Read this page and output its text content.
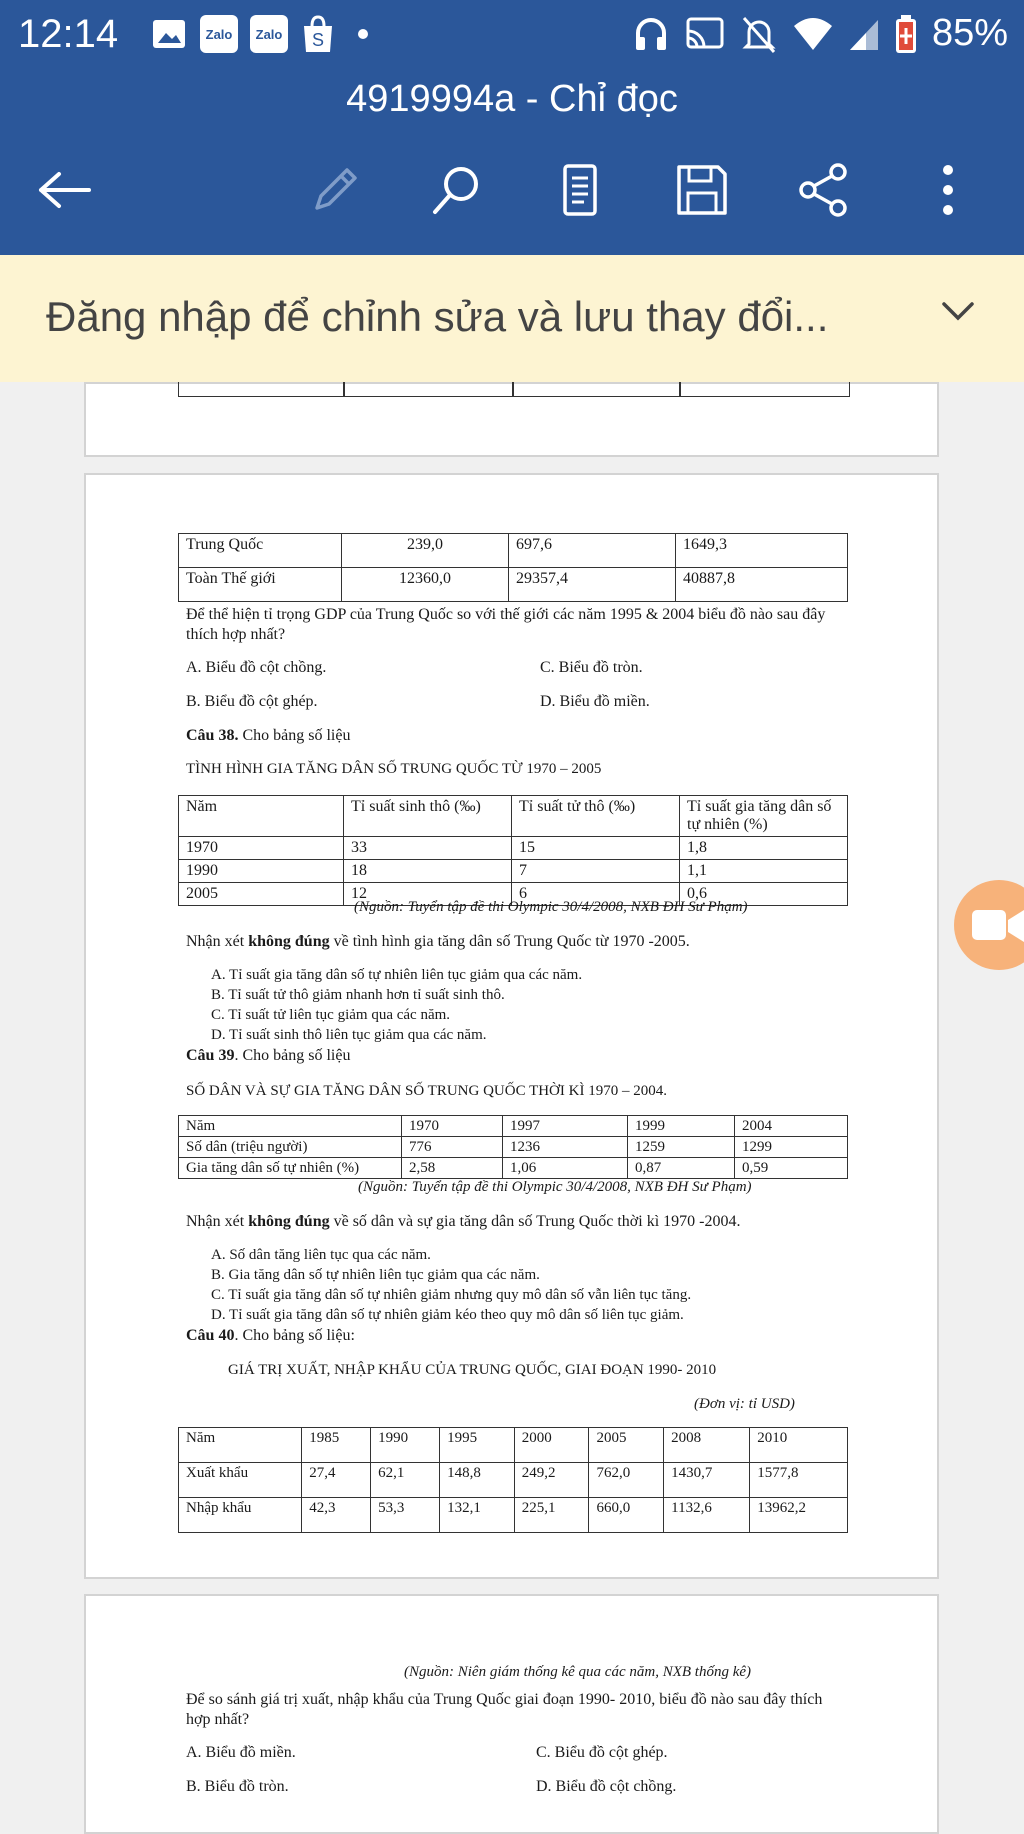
12:14	Zalo	Zalo	S	85%
4919994a - Chỉ đọc
Đăng nhập để chỉnh sửa và lưu thay đổi...
Trung Quốc	239,0	697,6	1649,3
Toàn Thế giới	12360,0	29357,4	40887,8
Để thể hiện tỉ trọng GDP của Trung Quốc so với thế giới các năm 1995 & 2004 biểu đồ nào sau đây thích hợp nhất?
A. Biểu đồ cột chồng.	C. Biểu đồ tròn.
B. Biểu đồ cột ghép.	D. Biểu đồ miền.
Câu 38. Cho bảng số liệu
TÌNH HÌNH GIA TĂNG DÂN SỐ TRUNG QUỐC TỪ 1970 – 2005
Năm	Tỉ suất sinh thô (‰)	Tỉ suất tử thô (‰)	Tỉ suất gia tăng dân số tự nhiên (%)
1970	33	15	1,8
1990	18	7	1,1
2005	12	6	0,6
(Nguồn: Tuyển tập đề thi Olympic 30/4/2008, NXB ĐH Sư Phạm)
Nhận xét không đúng về tình hình gia tăng dân số Trung Quốc từ 1970 -2005.
A. Tỉ suất gia tăng dân số tự nhiên liên tục giảm qua các năm.
B. Tỉ suất tử thô giảm nhanh hơn tỉ suất sinh thô.
C. Tỉ suất tử liên tục giảm qua các năm.
D. Tỉ suất sinh thô liên tục giảm qua các năm.
Câu 39. Cho bảng số liệu
SỐ DÂN VÀ SỰ GIA TĂNG DÂN SỐ TRUNG QUỐC THỜI KÌ 1970 – 2004.
Năm	1970	1997	1999	2004
Số dân (triệu người)	776	1236	1259	1299
Gia tăng dân số tự nhiên (%)	2,58	1,06	0,87	0,59
(Nguồn: Tuyển tập đề thi Olympic 30/4/2008, NXB ĐH Sư Phạm)
Nhận xét không đúng về số dân và sự gia tăng dân số Trung Quốc thời kì 1970 -2004.
A. Số dân tăng liên tục qua các năm.
B. Gia tăng dân số tự nhiên liên tục giảm qua các năm.
C. Tỉ suất gia tăng dân số tự nhiên giảm nhưng quy mô dân số vẫn liên tục tăng.
D. Tỉ suất gia tăng dân số tự nhiên giảm kéo theo quy mô dân số liên tục giảm.
Câu 40. Cho bảng số liệu:
GIÁ TRỊ XUẤT, NHẬP KHẨU CỦA TRUNG QUỐC, GIAI ĐOẠN 1990- 2010
(Đơn vị: tỉ USD)
Năm	1985	1990	1995	2000	2005	2008	2010
Xuất khẩu	27,4	62,1	148,8	249,2	762,0	1430,7	1577,8
Nhập khẩu	42,3	53,3	132,1	225,1	660,0	1132,6	13962,2
(Nguồn: Niên giám thống kê qua các năm, NXB thống kê)
Để so sánh giá trị xuất, nhập khẩu của Trung Quốc giai đoạn 1990- 2010, biểu đồ nào sau đây thích hợp nhất?
A. Biểu đồ miền.	C. Biểu đồ cột ghép.
B. Biểu đồ tròn.	D. Biểu đồ cột chồng.
